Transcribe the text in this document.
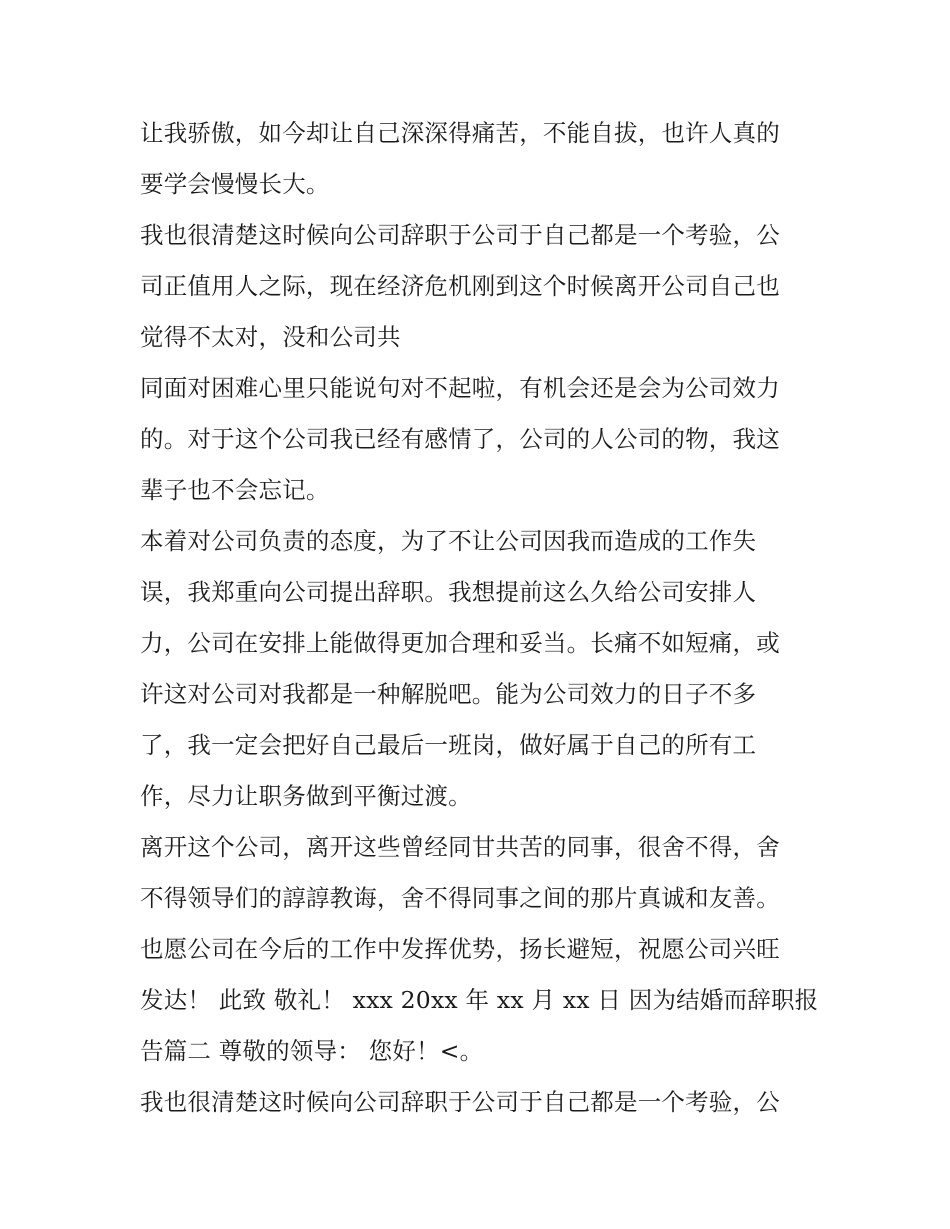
让我骄傲，如今却让自己深深得痛苦，不能自拔，也许人真的
要学会慢慢长大。
我也很清楚这时候向公司辞职于公司于自己都是一个考验，公
司正值用人之际，现在经济危机刚到这个时候离开公司自己也
觉得不太对，没和公司共
同面对困难心里只能说句对不起啦，有机会还是会为公司效力
的。对于这个公司我已经有感情了，公司的人公司的物，我这
辈子也不会忘记。
本着对公司负责的态度，为了不让公司因我而造成的工作失
误，我郑重向公司提出辞职。我想提前这么久给公司安排人
力，公司在安排上能做得更加合理和妥当。长痛不如短痛，或
许这对公司对我都是一种解脱吧。能为公司效力的日子不多
了，我一定会把好自己最后一班岗，做好属于自己的所有工
作，尽力让职务做到平衡过渡。
离开这个公司，离开这些曾经同甘共苦的同事，很舍不得，舍
不得领导们的諄諄教诲，舍不得同事之间的那片真诚和友善。
也愿公司在今后的工作中发挥优势，扬长避短，祝愿公司兴旺
发达！ 此致 敬礼！ xxx 20xx 年 xx 月 xx 日 因为结婚而辞职报
告篇二 尊敬的领导： 您好！<。
我也很清楚这时候向公司辞职于公司于自己都是一个考验，公
